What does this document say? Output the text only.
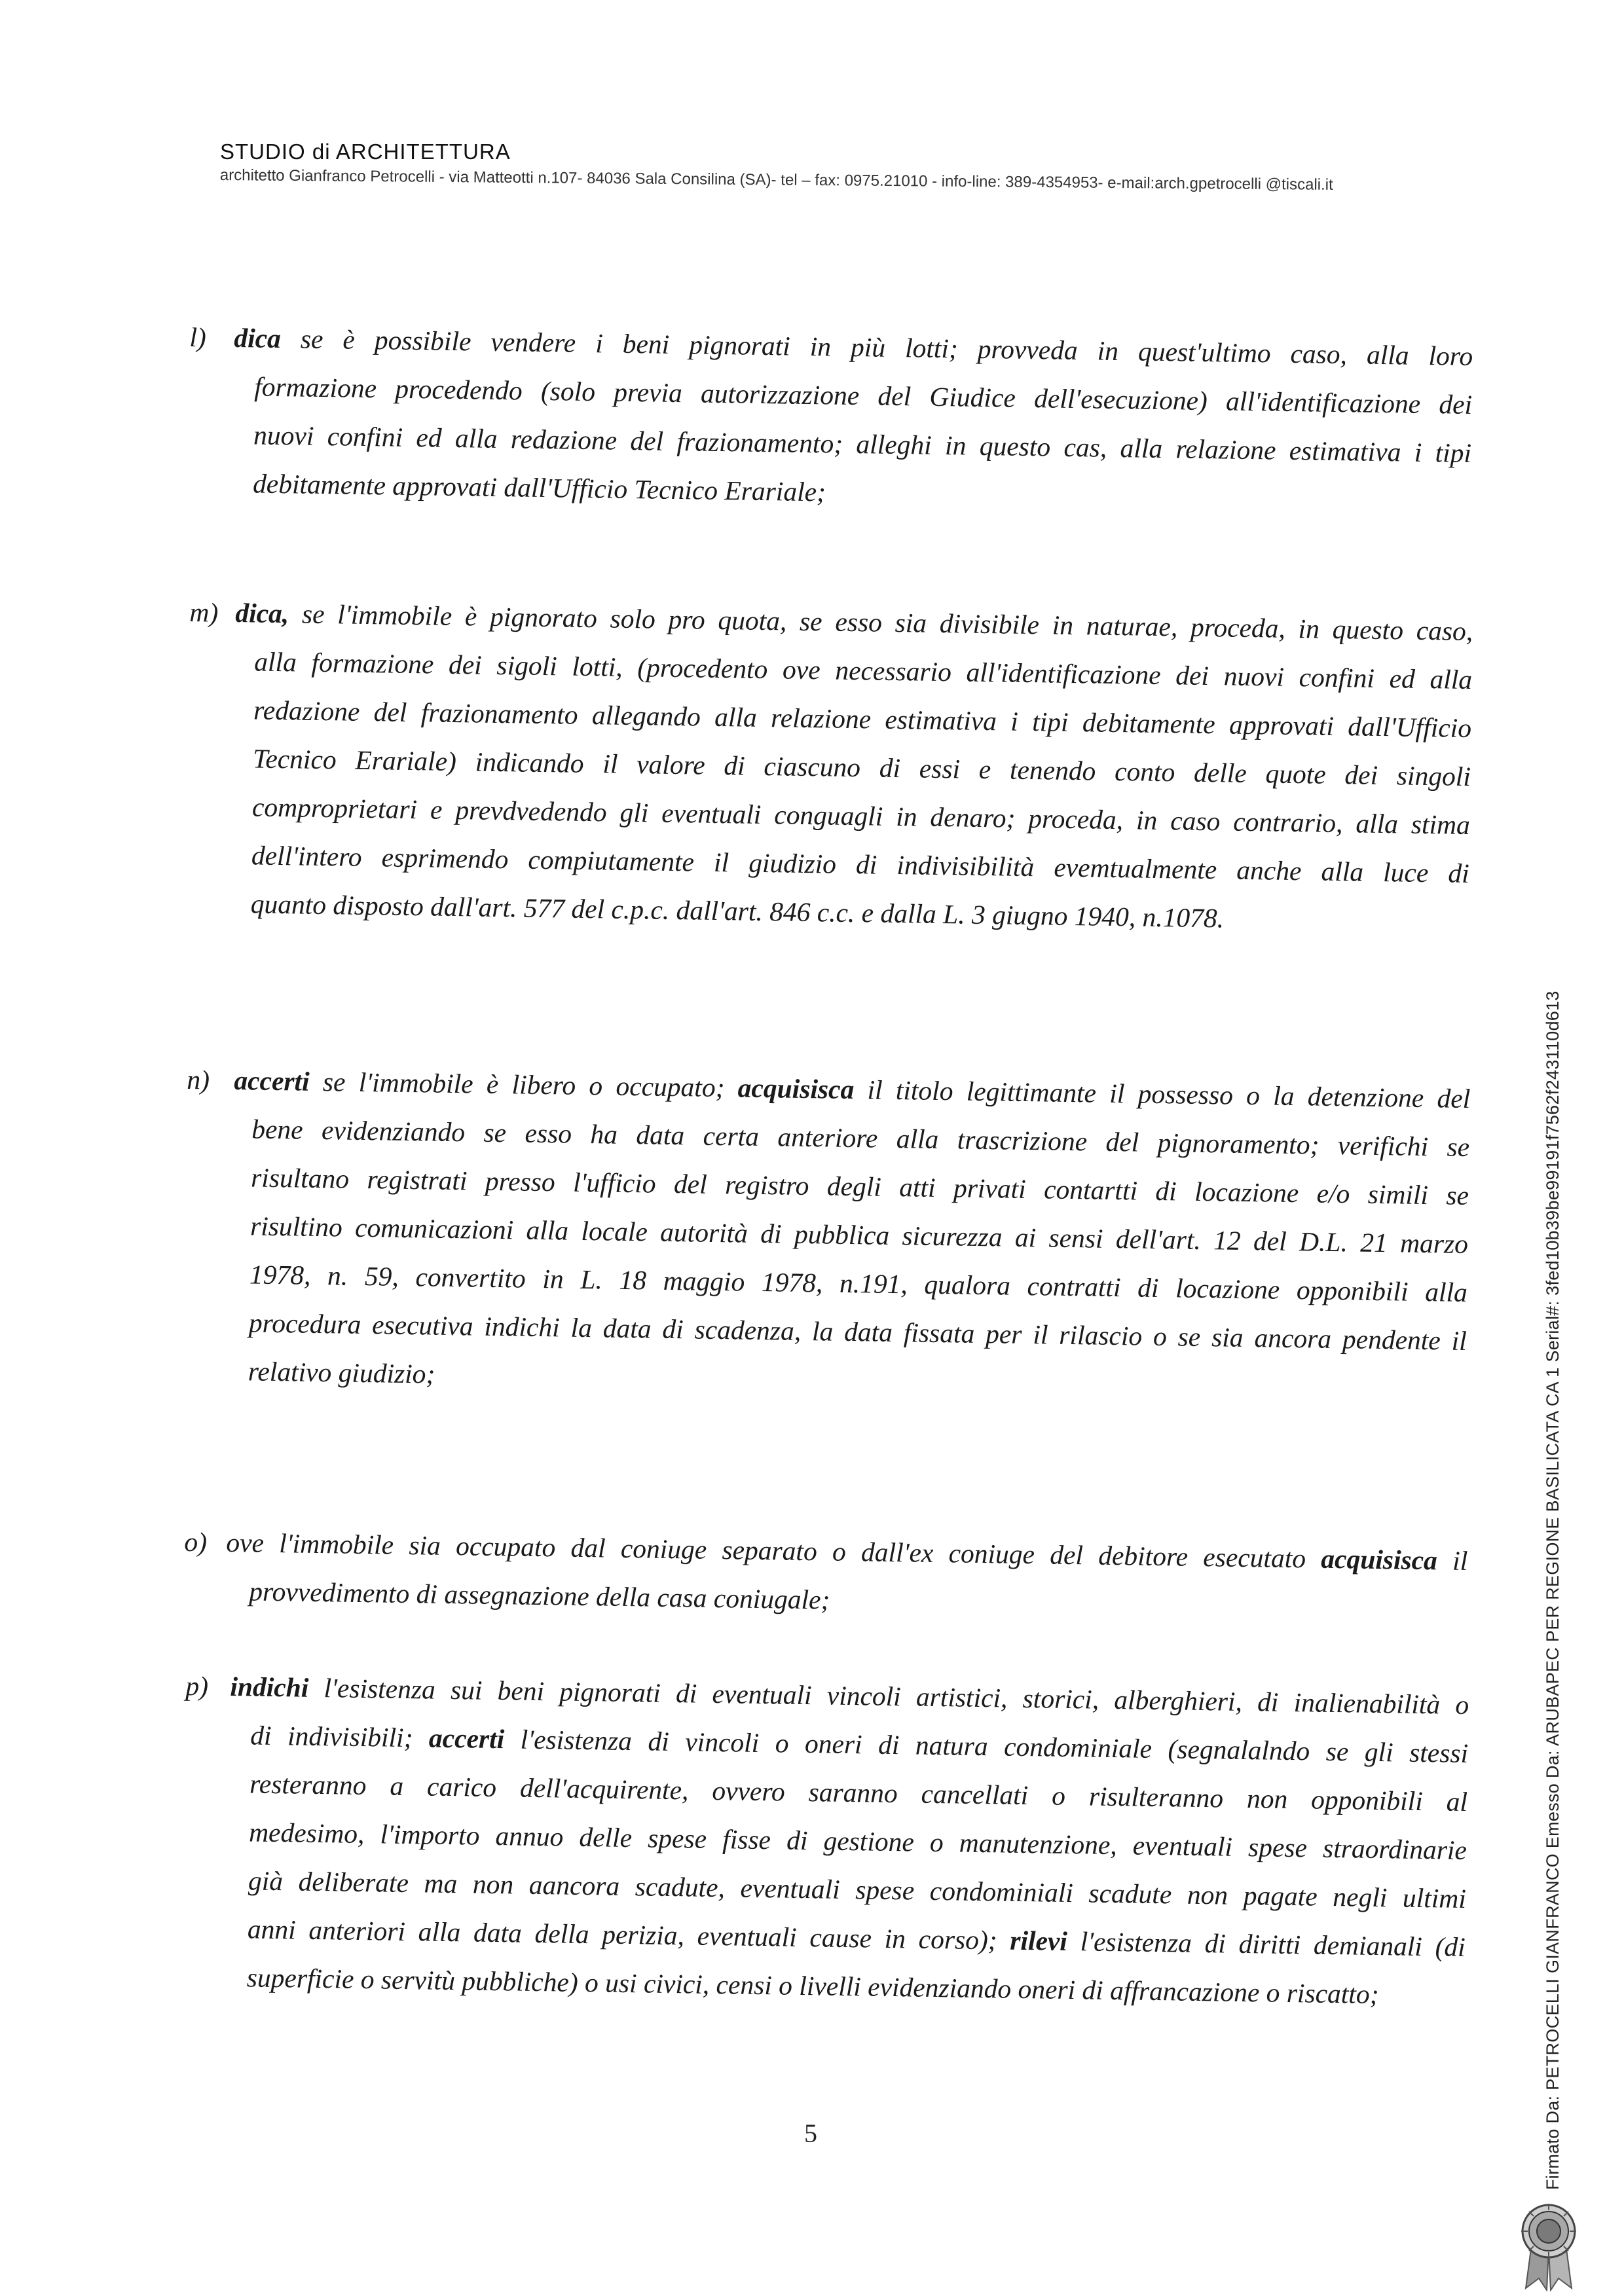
STUDIO di ARCHITETTURA
architetto Gianfranco Petrocelli - via Matteotti n.107- 84036 Sala Consilina (SA)- tel – fax: 0975.21010 - info-line: 389-4354953- e-mail:arch.gpetrocelli @tiscali.it
l) dica se è possibile vendere i beni pignorati in più lotti; provveda in quest'ultimo caso, alla loro
formazione procedendo (solo previa autorizzazione del Giudice dell'esecuzione) all'identificazione dei
nuovi confini ed alla redazione del frazionamento; alleghi in questo cas, alla relazione estimativa i tipi
debitamente approvati dall'Ufficio Tecnico Erariale;
m) dica, se l'immobile è pignorato solo pro quota, se esso sia divisibile in naturae, proceda, in questo caso,
alla formazione dei sigoli lotti, (procedento ove necessario all'identificazione dei nuovi confini ed alla
redazione del frazionamento allegando alla relazione estimativa i tipi debitamente approvati dall'Ufficio
Tecnico Erariale) indicando il valore di ciascuno di essi e tenendo conto delle quote dei singoli
comproprietari e prevdvedendo gli eventuali conguagli in denaro; proceda, in caso contrario, alla stima
dell'intero esprimendo compiutamente il giudizio di indivisibilità evemtualmente anche alla luce di
quanto disposto dall'art. 577 del c.p.c. dall'art. 846 c.c. e dalla L. 3 giugno 1940, n.1078.
n) accerti se l'immobile è libero o occupato; acquisisca il titolo legittimante il possesso o la detenzione del
bene evidenziando se esso ha data certa anteriore alla trascrizione del pignoramento; verifichi se
risultano registrati presso l'ufficio del registro degli atti privati contartti di locazione e/o simili se
risultino comunicazioni alla locale autorità di pubblica sicurezza ai sensi dell'art. 12 del D.L. 21 marzo
1978, n. 59, convertito in L. 18 maggio 1978, n.191, qualora contratti di locazione opponibili alla
procedura esecutiva indichi la data di scadenza, la data fissata per il rilascio o se sia ancora pendente il
relativo giudizio;
o) ove l'immobile sia occupato dal coniuge separato o dall'ex coniuge del debitore esecutato acquisisca il
provvedimento di assegnazione della casa coniugale;
p) indichi l'esistenza sui beni pignorati di eventuali vincoli artistici, storici, alberghieri, di inalienabilità o
di indivisibili; accerti l'esistenza di vincoli o oneri di natura condominiale (segnalalndo se gli stessi
resteranno a carico dell'acquirente, ovvero saranno cancellati o risulteranno non opponibili al
medesimo, l'importo annuo delle spese fisse di gestione o manutenzione, eventuali spese straordinarie
già deliberate ma non aancora scadute, eventuali spese condominiali scadute non pagate negli ultimi
anni anteriori alla data della perizia, eventuali cause in corso); rilevi l'esistenza di diritti demianali (di
superficie o servitù pubbliche) o usi civici, censi o livelli evidenziando oneri di affrancazione o riscatto;
5	Firmato Da: PETROCELLI GIANFRANCO Emesso Da: ARUBAPEC PER REGIONE BASILICATA CA 1 Serial#: 3fed10b39be99191f7562f243110d613
